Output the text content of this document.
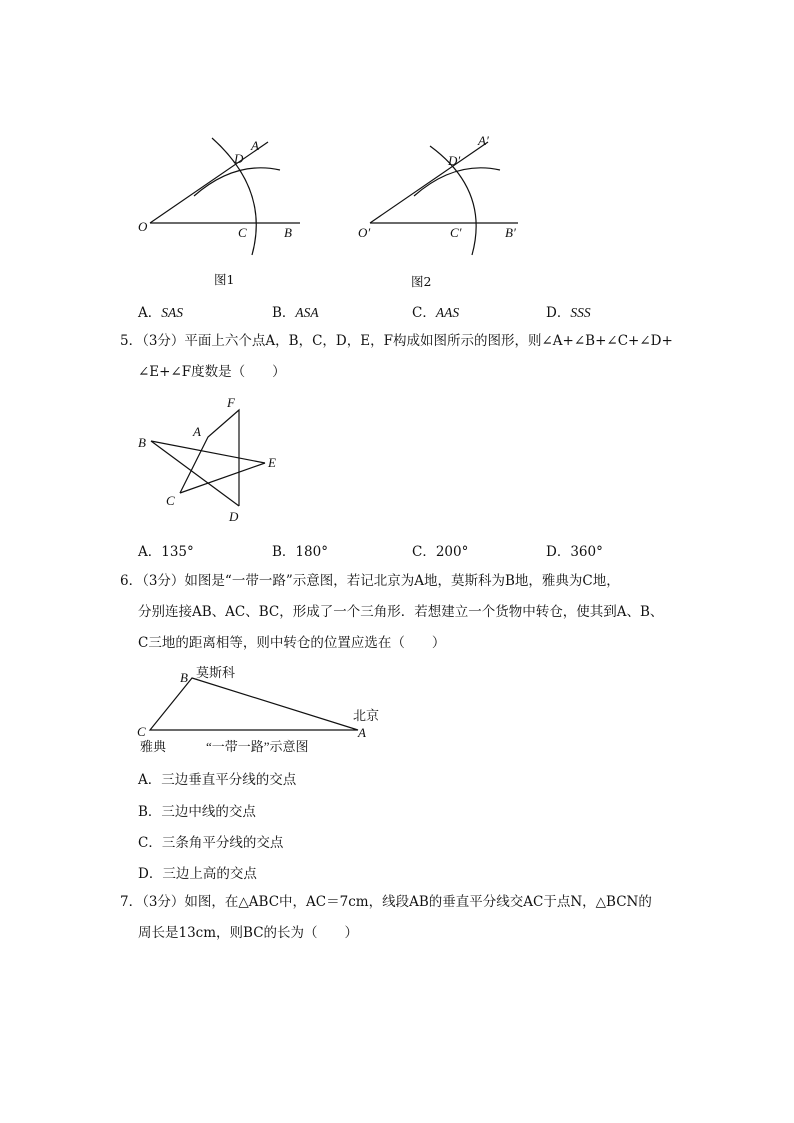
O
A
D
C	B
图1
O′
A′
D′
C′	B′
图2
A．SAS	B．ASA	C．AAS	D．SSS
5．（3分）平面上六个点A，B，C，D，E，F构成如图所示的图形，则∠A+∠B+∠C+∠D+
∠E+∠F度数是（　　）
F
A
B
E
C
D
A．135°	B．180°	C．200°	D．360°
6．（3分）如图是“一带一路”示意图，若记北京为A地，莫斯科为B地，雅典为C地，
分别连接AB、AC、BC，形成了一个三角形．若想建立一个货物中转仓，使其到A、B、
C三地的距离相等，则中转仓的位置应选在（　　）
B
C	A
莫斯科
北京
雅典	“一带一路”示意图
A．三边垂直平分线的交点
B．三边中线的交点
C．三条角平分线的交点
D．三边上高的交点
7．（3分）如图，在△ABC中，AC＝7cm，线段AB的垂直平分线交AC于点N，△BCN的
周长是13cm，则BC的长为（　　）
